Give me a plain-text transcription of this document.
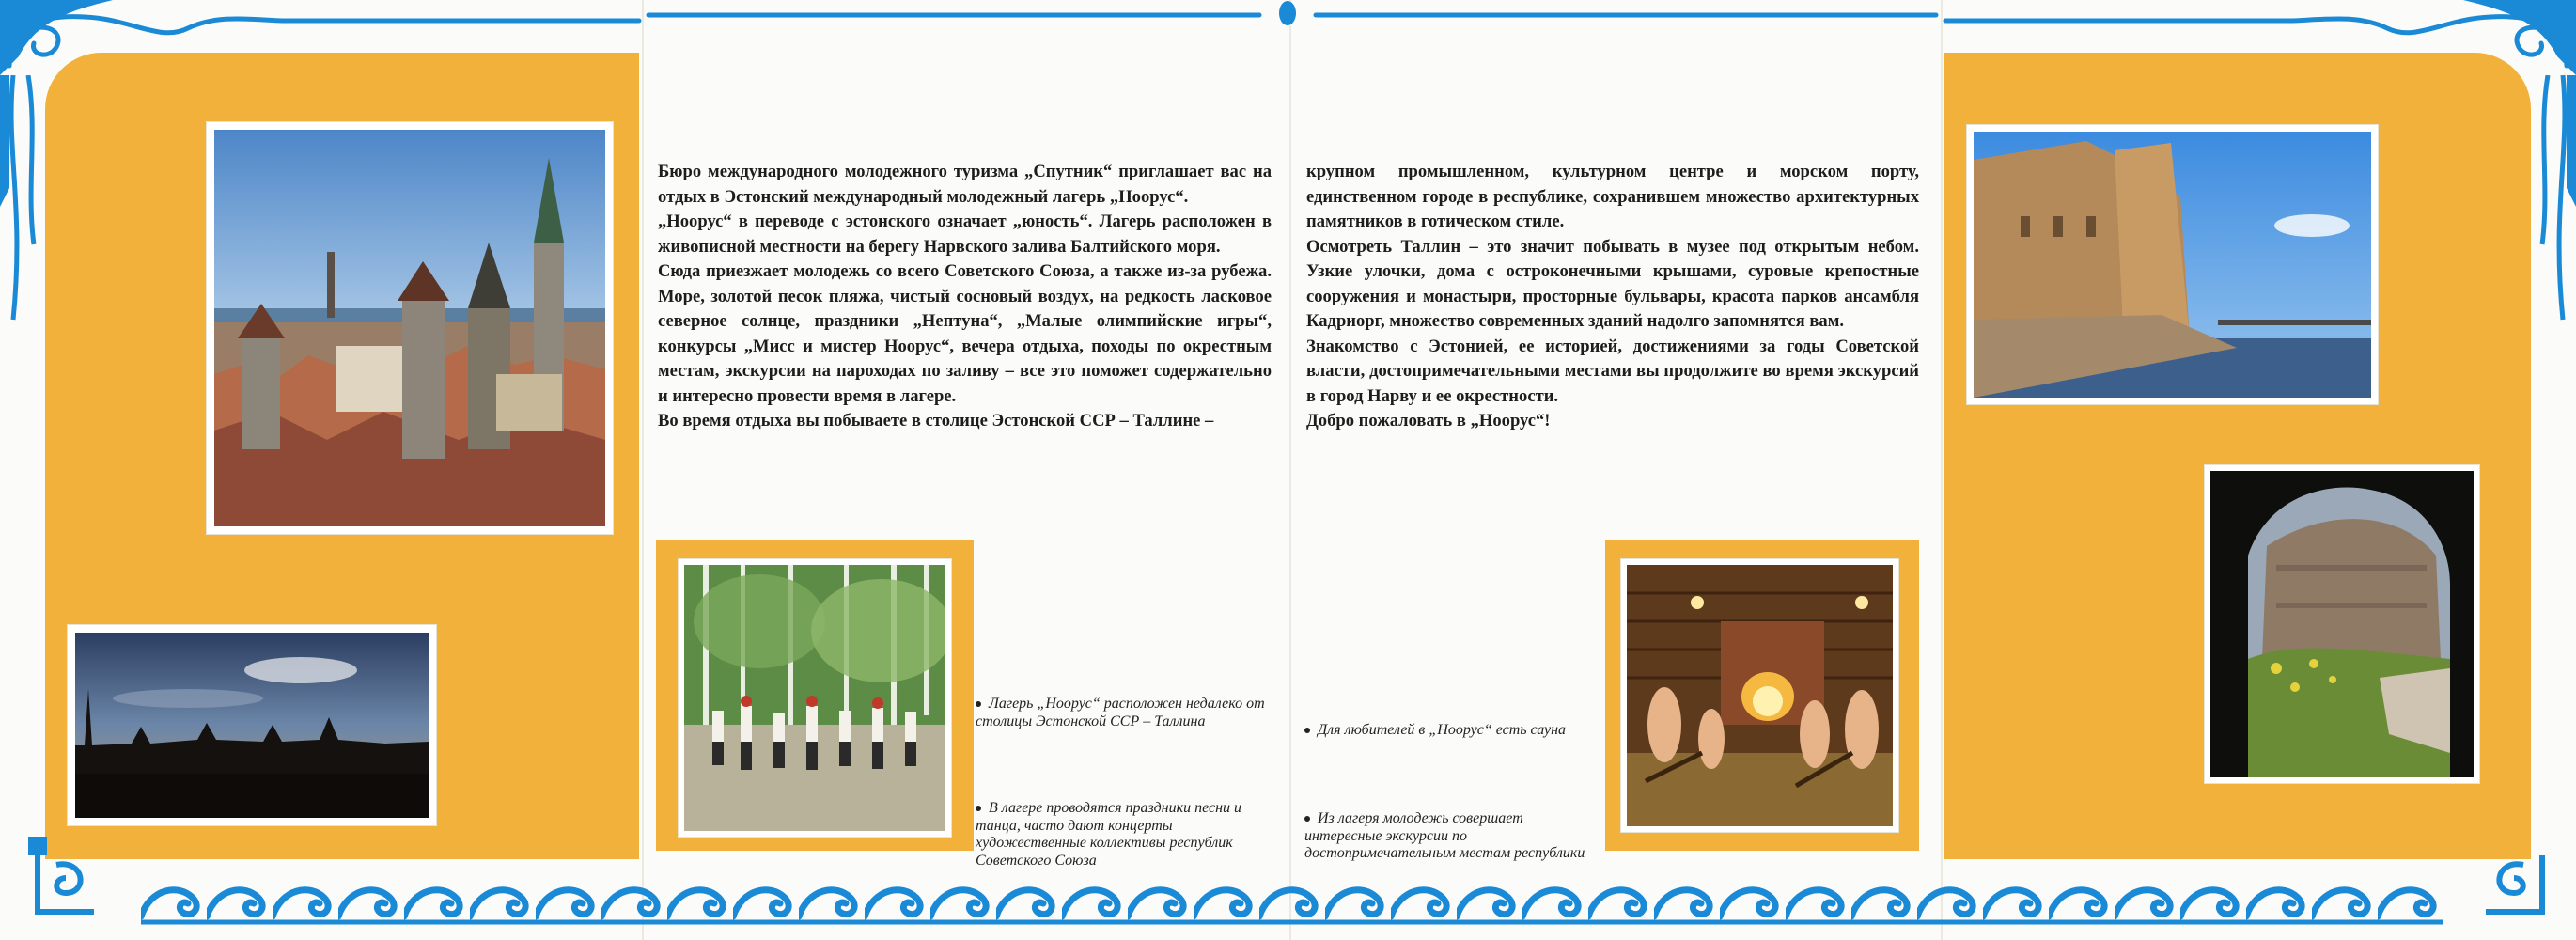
Бюро международного молодежного туризма „Спутник“ приглашает вас на отдых в Эстонский международный молодежный лагерь „Ноорус“.

„Ноорус“ в переводе с эстонского означает „юность“. Лагерь расположен в живописной местности на берегу Нарвского залива Балтийского моря.

Сюда приезжает молодежь со всего Советского Союза, а также из-за рубежа. Море, золотой песок пляжа, чистый сосновый воздух, на редкость ласковое северное солнце, праздники „Нептуна“, „Малые олимпийские игры“, конкурсы „Мисс и мистер Ноорус“, вечера отдыха, походы по окрестным местам, экскурсии на пароходах по заливу – все это поможет содержательно и интересно провести время в лагере.

Во время отдыха вы побываете в столице Эстонской ССР – Таллине –

крупном промышленном, культурном центре и морском порту, единственном городе в республике, сохранившем множество архитектурных памятников в готическом стиле.

Осмотреть Таллин – это значит побывать в музее под открытым небом. Узкие улочки, дома с остроконечными крышами, суровые крепостные сооружения и монастыри, просторные бульвары, красота парков ансамбля Кадриорг, множество современных зданий надолго запомнятся вам.

Знакомство с Эстонией, ее историей, достижениями за годы Советской власти, достопримечательными местами вы продолжите во время экскурсий в город Нарву и ее окрестности.

Добро пожаловать в „Ноорус“!

Лагерь „Ноорус“ расположен недалеко от столицы Эстонской ССР – Таллина
В лагере проводятся праздники песни и танца, часто дают концерты художественные коллективы республик Советского Союза
Для любителей в „Ноорус“ есть сауна
Из лагеря молодежь совершает интересные экскурсии по достопримечательным местам республики
